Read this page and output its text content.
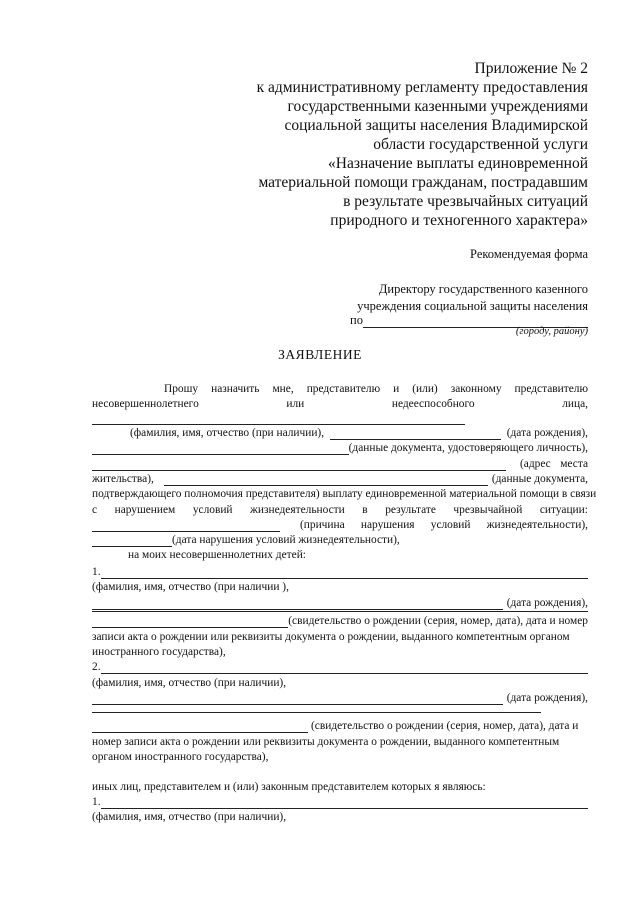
Приложение № 2
к административному регламенту предоставления
государственными казенными учреждениями
социальной защиты населения Владимирской
области государственной услуги
«Назначение выплаты единовременной
материальной помощи гражданам, пострадавшим
в результате чрезвычайных ситуаций
природного и техногенного характера»
Рекомендуемая форма
Директору государственного казенного
учреждения социальной защиты населения
по
(городу, району)
ЗАЯВЛЕНИЕ
Прошу назначить мне, представителю и (или) законному представителю
несовершеннолетнего	или	недееспособного	лица,
(фамилия, имя, отчество (при наличии),	(дата рождения),
(данные документа, удостоверяющего личность),
(адрес места
жительства),	(данные документа,
подтверждающего полномочия представителя) выплату единовременной материальной помощи в связи
с нарушением условий жизнедеятельности в результате чрезвычайной ситуации:
(причина нарушения условий жизнедеятельности),
(дата нарушения условий жизнедеятельности),
на моих несовершеннолетних детей:
1.
(фамилия, имя, отчество (при наличии ),
(дата рождения),
(свидетельство о рождении (серия, номер, дата), дата и номер
записи акта о рождении или реквизиты документа о рождении, выданного компетентным органом
иностранного государства),
2.
(фамилия, имя, отчество (при наличии),
(дата рождения),
(свидетельство о рождении (серия, номер, дата), дата и
номер записи акта о рождении или реквизиты документа о рождении, выданного компетентным
органом иностранного государства),
иных лиц, представителем и (или) законным представителем которых я являюсь:
1.
(фамилия, имя, отчество (при наличии),
